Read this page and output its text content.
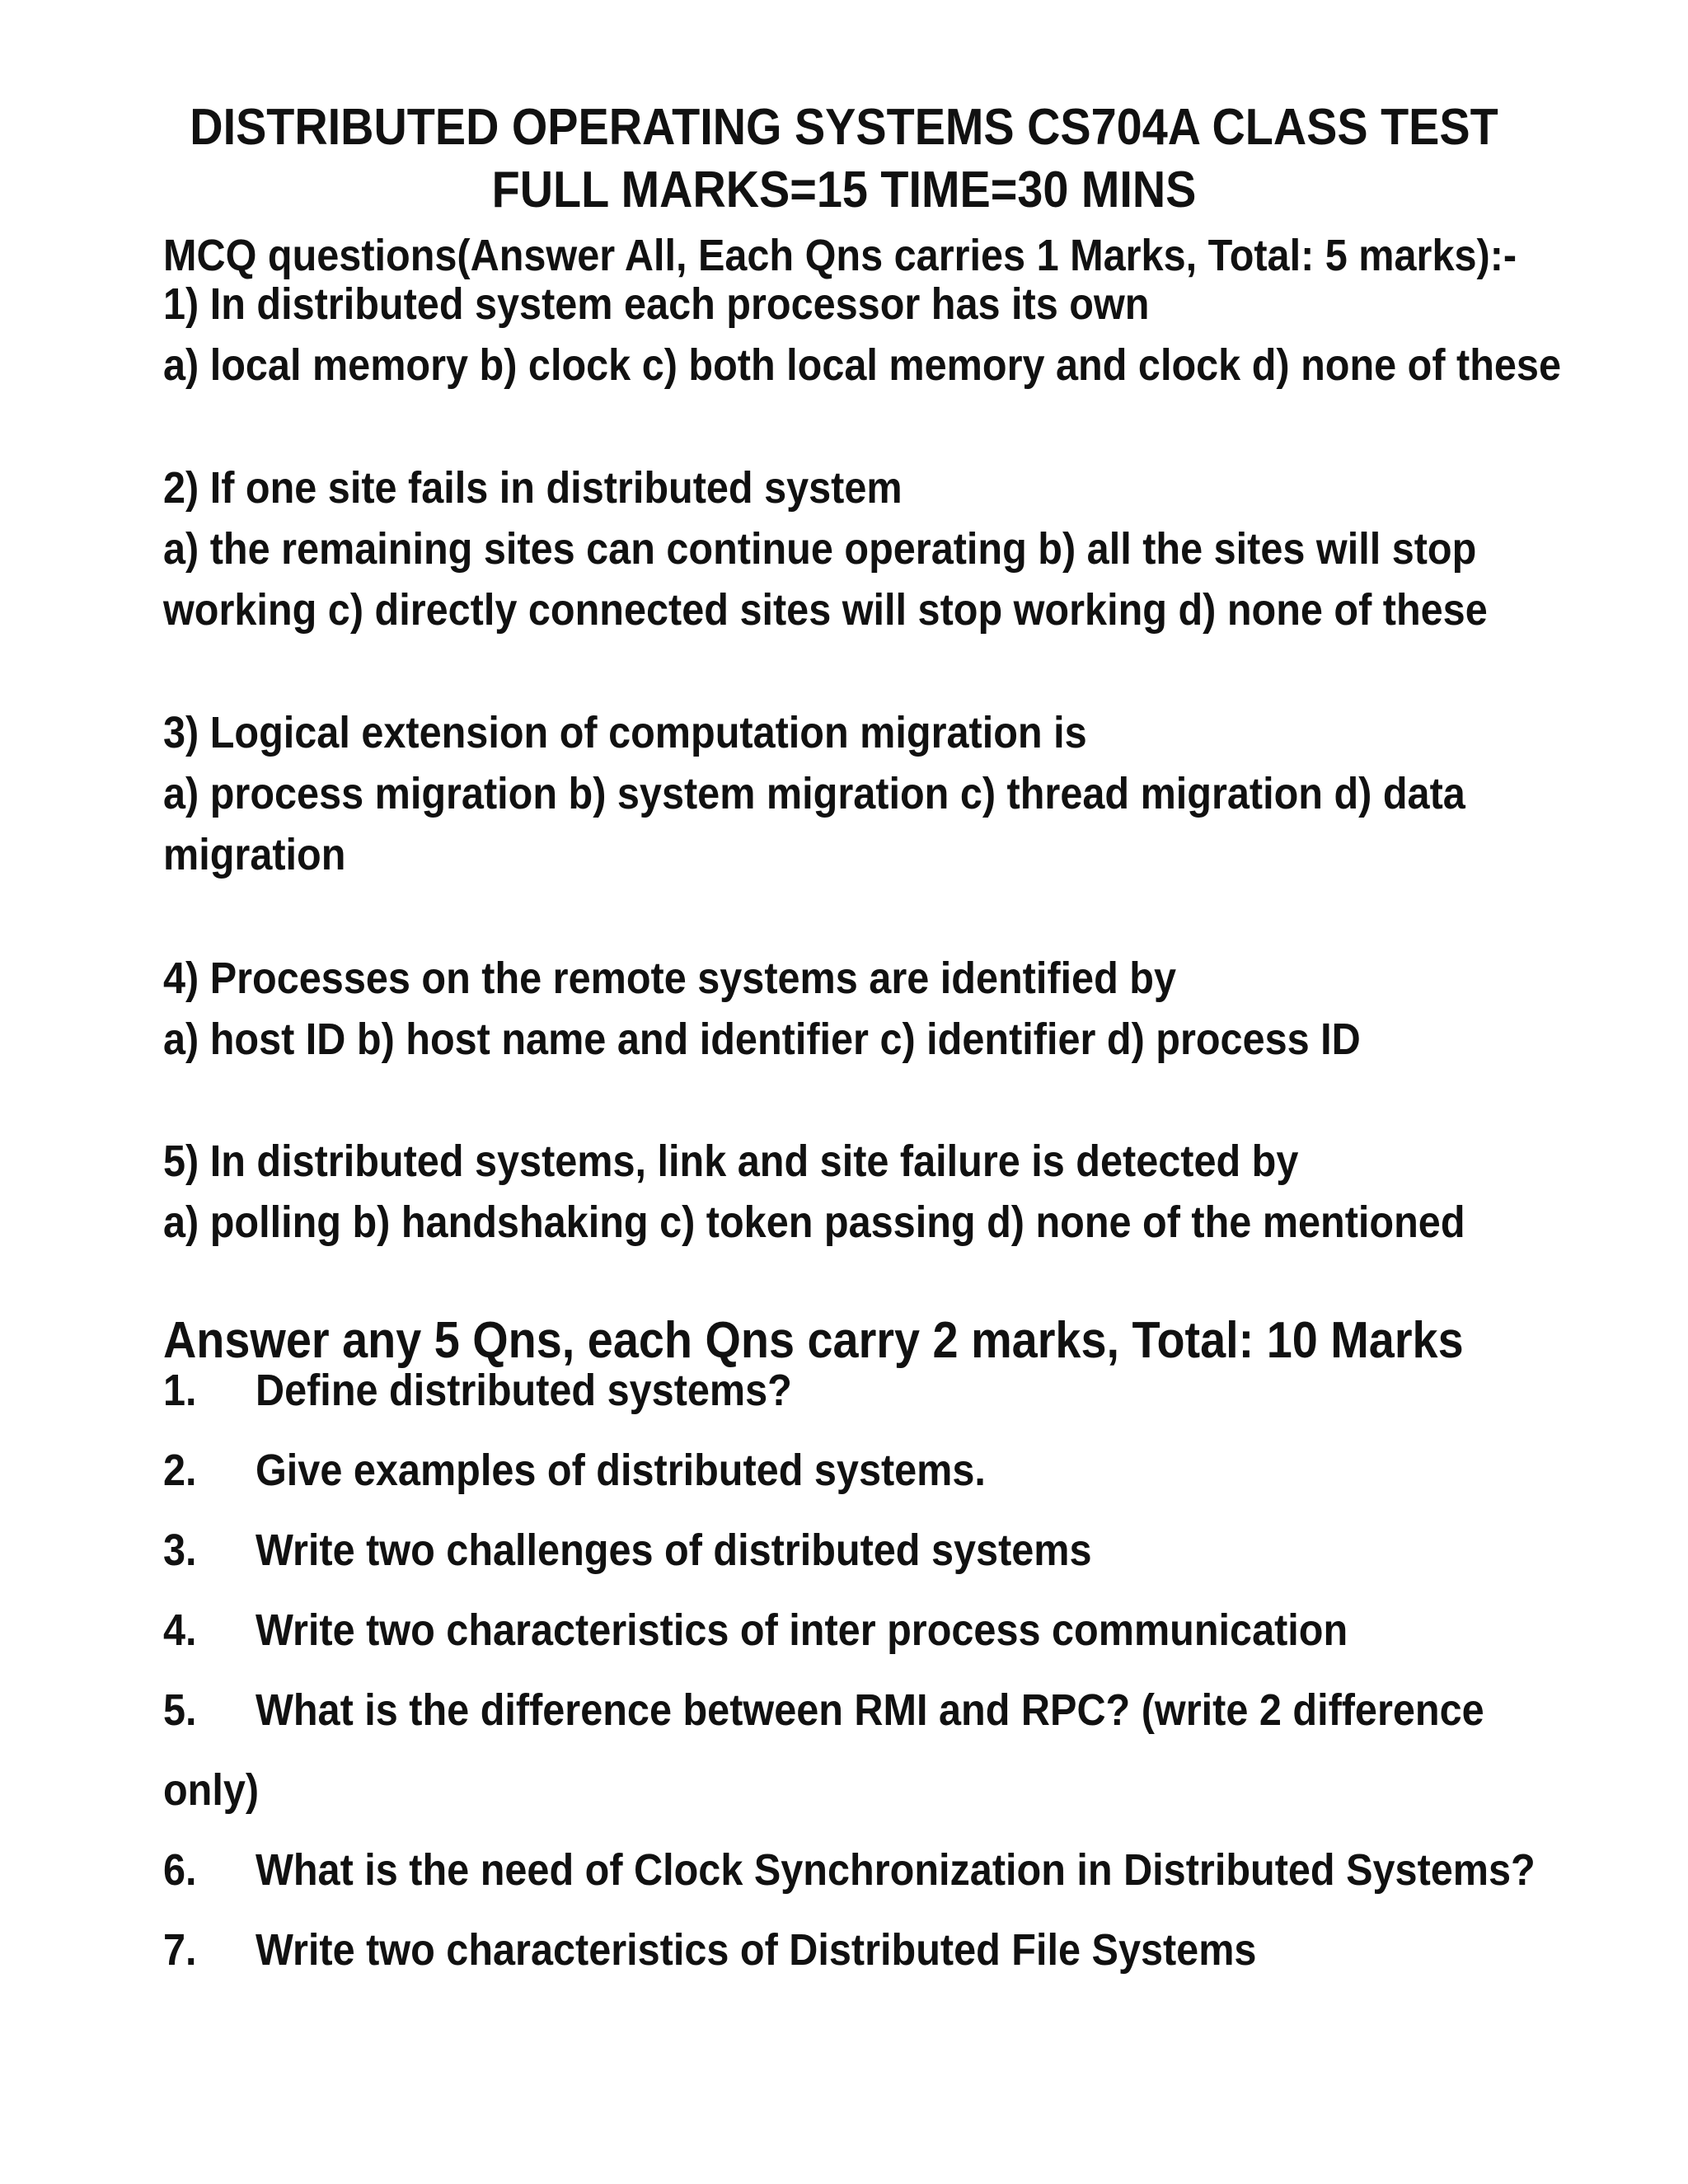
DISTRIBUTED OPERATING SYSTEMS CS704A CLASS TEST
FULL MARKS=15 TIME=30 MINS
MCQ questions(Answer All, Each Qns carries 1 Marks, Total: 5 marks):-
1) In distributed system each processor has its own
a) local memory b) clock c) both local memory and clock d) none of these
2) If one site fails in distributed system
a) the remaining sites can continue operating b) all the sites will stop
working c) directly connected sites will stop working d) none of these
3) Logical extension of computation migration is
a) process migration b) system migration c) thread migration d) data
migration
4) Processes on the remote systems are identified by
a) host ID b) host name and identifier c) identifier d) process ID
5) In distributed systems, link and site failure is detected by
a) polling b) handshaking c) token passing d) none of the mentioned
Answer any 5 Qns, each Qns carry 2 marks, Total: 10 Marks
1. Define distributed systems?
2. Give examples of distributed systems.
3. Write two challenges of distributed systems
4. Write two characteristics of inter process communication
5. What is the difference between RMI and RPC? (write 2 difference
only)
6. What is the need of Clock Synchronization in Distributed Systems?
7. Write two characteristics of Distributed File Systems
